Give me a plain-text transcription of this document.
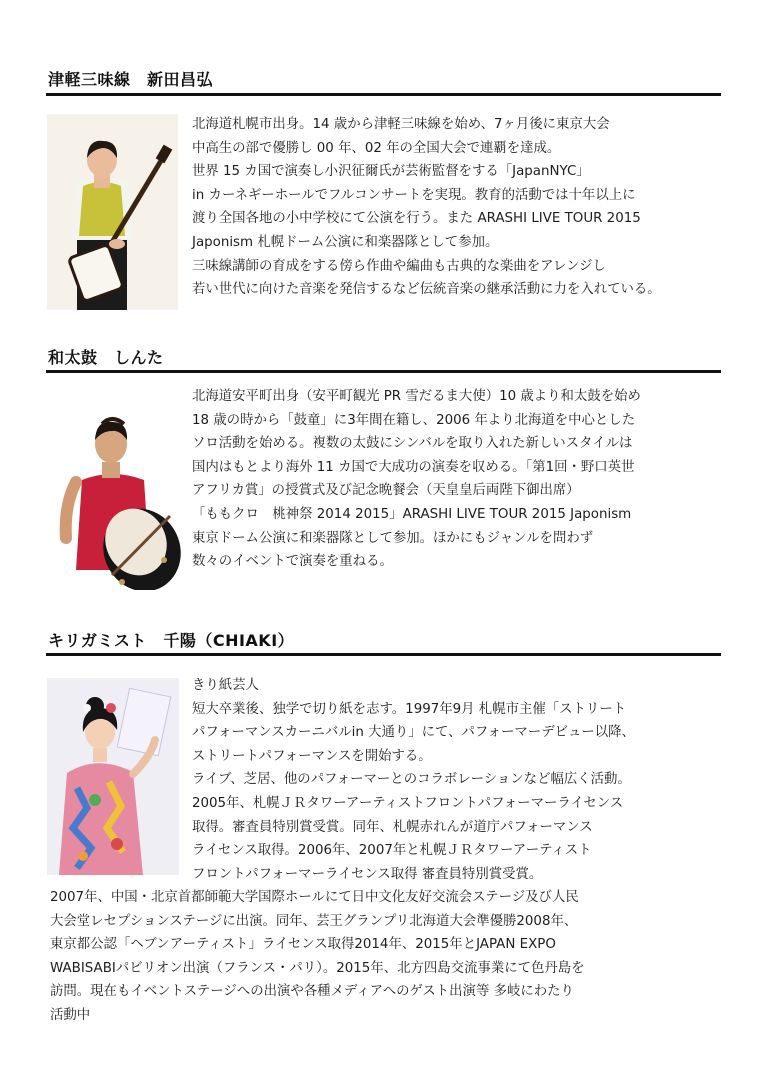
津軽三味線　新田昌弘
北海道札幌市出身。14 歳から津軽三味線を始め、7ヶ月後に東京大会
中高生の部で優勝し 00 年、02 年の全国大会で連覇を達成。
世界 15 カ国で演奏し小沢征爾氏が芸術監督をする「JapanNYC」
in カーネギーホールでフルコンサートを実現。教育的活動では十年以上に
渡り全国各地の小中学校にて公演を行う。また ARASHI LIVE TOUR 2015
Japonism 札幌ドーム公演に和楽器隊として参加。
三味線講師の育成をする傍ら作曲や編曲も古典的な楽曲をアレンジし
若い世代に向けた音楽を発信するなど伝統音楽の継承活動に力を入れている。
和太鼓　しんた
北海道安平町出身（安平町観光 PR 雪だるま大使）10 歳より和太鼓を始め
18 歳の時から「鼓童」に3年間在籍し、2006 年より北海道を中心とした
ソロ活動を始める。複数の太鼓にシンバルを取り入れた新しいスタイルは
国内はもとより海外 11 カ国で大成功の演奏を収める。｢第1回・野口英世
アフリカ賞」の授賞式及び記念晩餐会（天皇皇后両陛下御出席）
「ももクロ　桃神祭 2014 2015」ARASHI LIVE TOUR 2015 Japonism
東京ドーム公演に和楽器隊として参加。ほかにもジャンルを問わず
数々のイベントで演奏を重ねる。
キリガミスト　千陽（CHIAKI）
きり紙芸人
短大卒業後、独学で切り紙を志す。1997年9月 札幌市主催「ストリート
パフォーマンスカーニバルin 大通り」にて、パフォーマーデビュー以降、
ストリートパフォーマンスを開始する。
ライブ、芝居、他のパフォーマーとのコラボレーションなど幅広く活動。
2005年、札幌ＪＲタワーアーティストフロントパフォーマーライセンス
取得。審査員特別賞受賞。同年、札幌赤れんが道庁パフォーマンス
ライセンス取得。2006年、2007年と札幌ＪＲタワーアーティスト
フロントパフォーマーライセンス取得 審査員特別賞受賞。
2007年、中国・北京首都師範大学国際ホールにて日中文化友好交流会ステージ及び人民
大会堂レセプションステージに出演。同年、芸王グランプリ北海道大会準優勝2008年、
東京都公認「ヘブンアーティスト」ライセンス取得2014年、2015年とJAPAN EXPO
WABISABIパビリオン出演（フランス・パリ）。2015年、北方四島交流事業にて色丹島を
訪問。現在もイベントステージへの出演や各種メディアへのゲスト出演等 多岐にわたり
活動中
